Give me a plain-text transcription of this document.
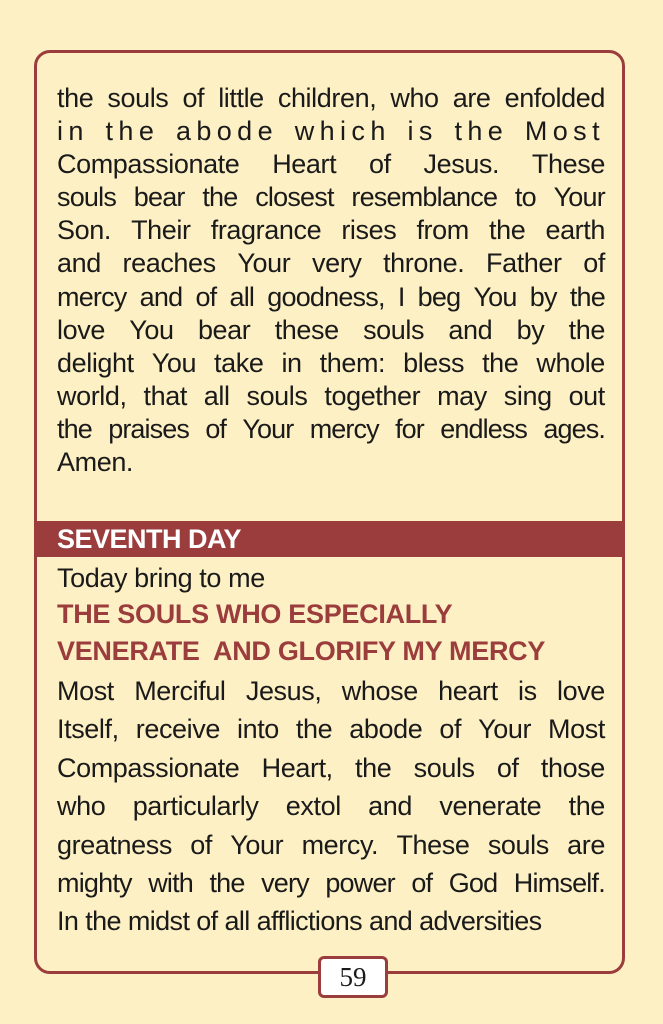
the souls of little children, who are enfolded
in the abode which is the Most
Compassionate Heart of Jesus. These
souls bear the closest resemblance to Your
Son. Their fragrance rises from the earth
and reaches Your very throne. Father of
mercy and of all goodness, I beg You by the
love You bear these souls and by the
delight You take in them: bless the whole
world, that all souls together may sing out
the praises of Your mercy for endless ages.
Amen.
SEVENTH DAY
Today bring to me
THE SOULS WHO ESPECIALLY
VENERATE  AND GLORIFY MY MERCY
Most Merciful Jesus, whose heart is love
Itself, receive into the abode of Your Most
Compassionate Heart, the souls of those
who particularly extol and venerate the
greatness of Your mercy. These souls are
mighty with the very power of God Himself.
In the midst of all afflictions and adversities
59
